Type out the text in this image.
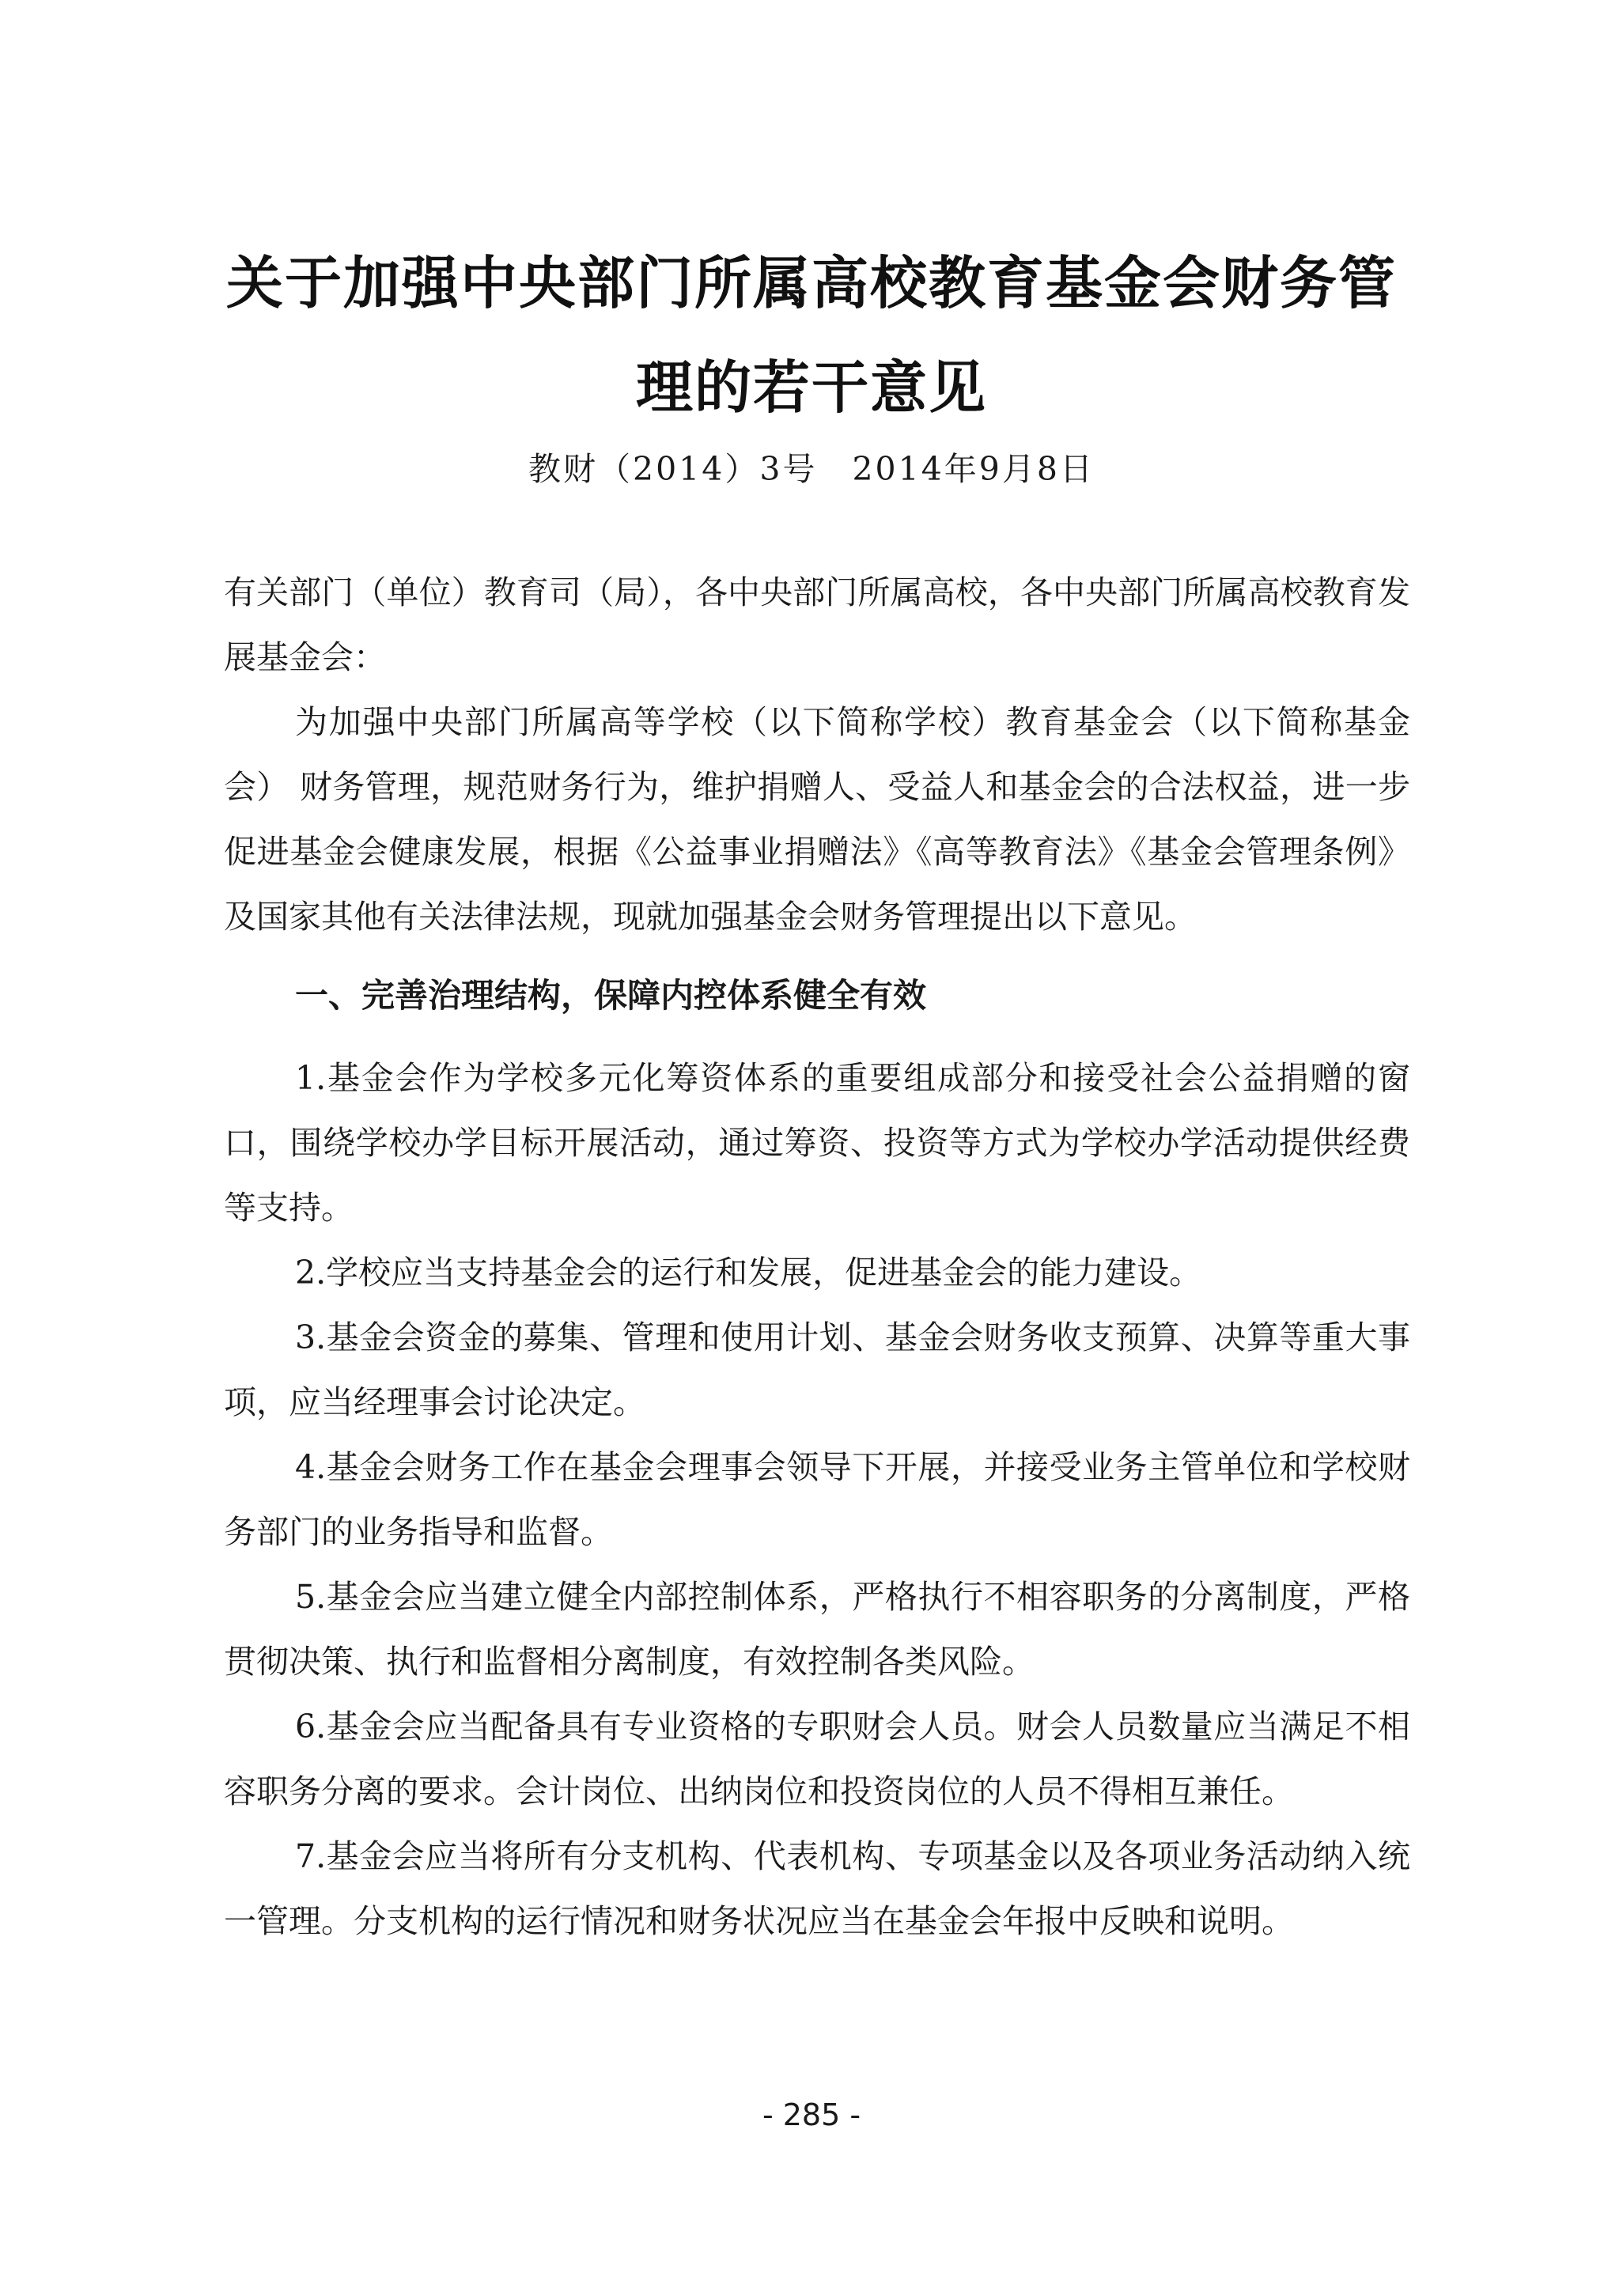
关于加强中央部门所属高校教育基金会财务管
理的若干意见
教财（2014）3号　2014年9月8日

有关部门（单位）教育司（局），各中央部门所属高校，各中央部门所属高校教育发展基金会：

为加强中央部门所属高等学校（以下简称学校）教育基金会（以下简称基金会） 财务管理，规范财务行为，维护捐赠人、受益人和基金会的合法权益，进一步促进基金会健康发展，根据《公益事业捐赠法》《高等教育法》《基金会管理条例》及国家其他有关法律法规，现就加强基金会财务管理提出以下意见。

一、完善治理结构，保障内控体系健全有效

1.基金会作为学校多元化筹资体系的重要组成部分和接受社会公益捐赠的窗口，围绕学校办学目标开展活动，通过筹资、投资等方式为学校办学活动提供经费等支持。

2.学校应当支持基金会的运行和发展，促进基金会的能力建设。

3.基金会资金的募集、管理和使用计划、基金会财务收支预算、决算等重大事项，应当经理事会讨论决定。

4.基金会财务工作在基金会理事会领导下开展，并接受业务主管单位和学校财务部门的业务指导和监督。

5.基金会应当建立健全内部控制体系，严格执行不相容职务的分离制度，严格贯彻决策、执行和监督相分离制度，有效控制各类风险。

6.基金会应当配备具有专业资格的专职财会人员。财会人员数量应当满足不相容职务分离的要求。会计岗位、出纳岗位和投资岗位的人员不得相互兼任。

7.基金会应当将所有分支机构、代表机构、专项基金以及各项业务活动纳入统一管理。分支机构的运行情况和财务状况应当在基金会年报中反映和说明。

- 285 -
